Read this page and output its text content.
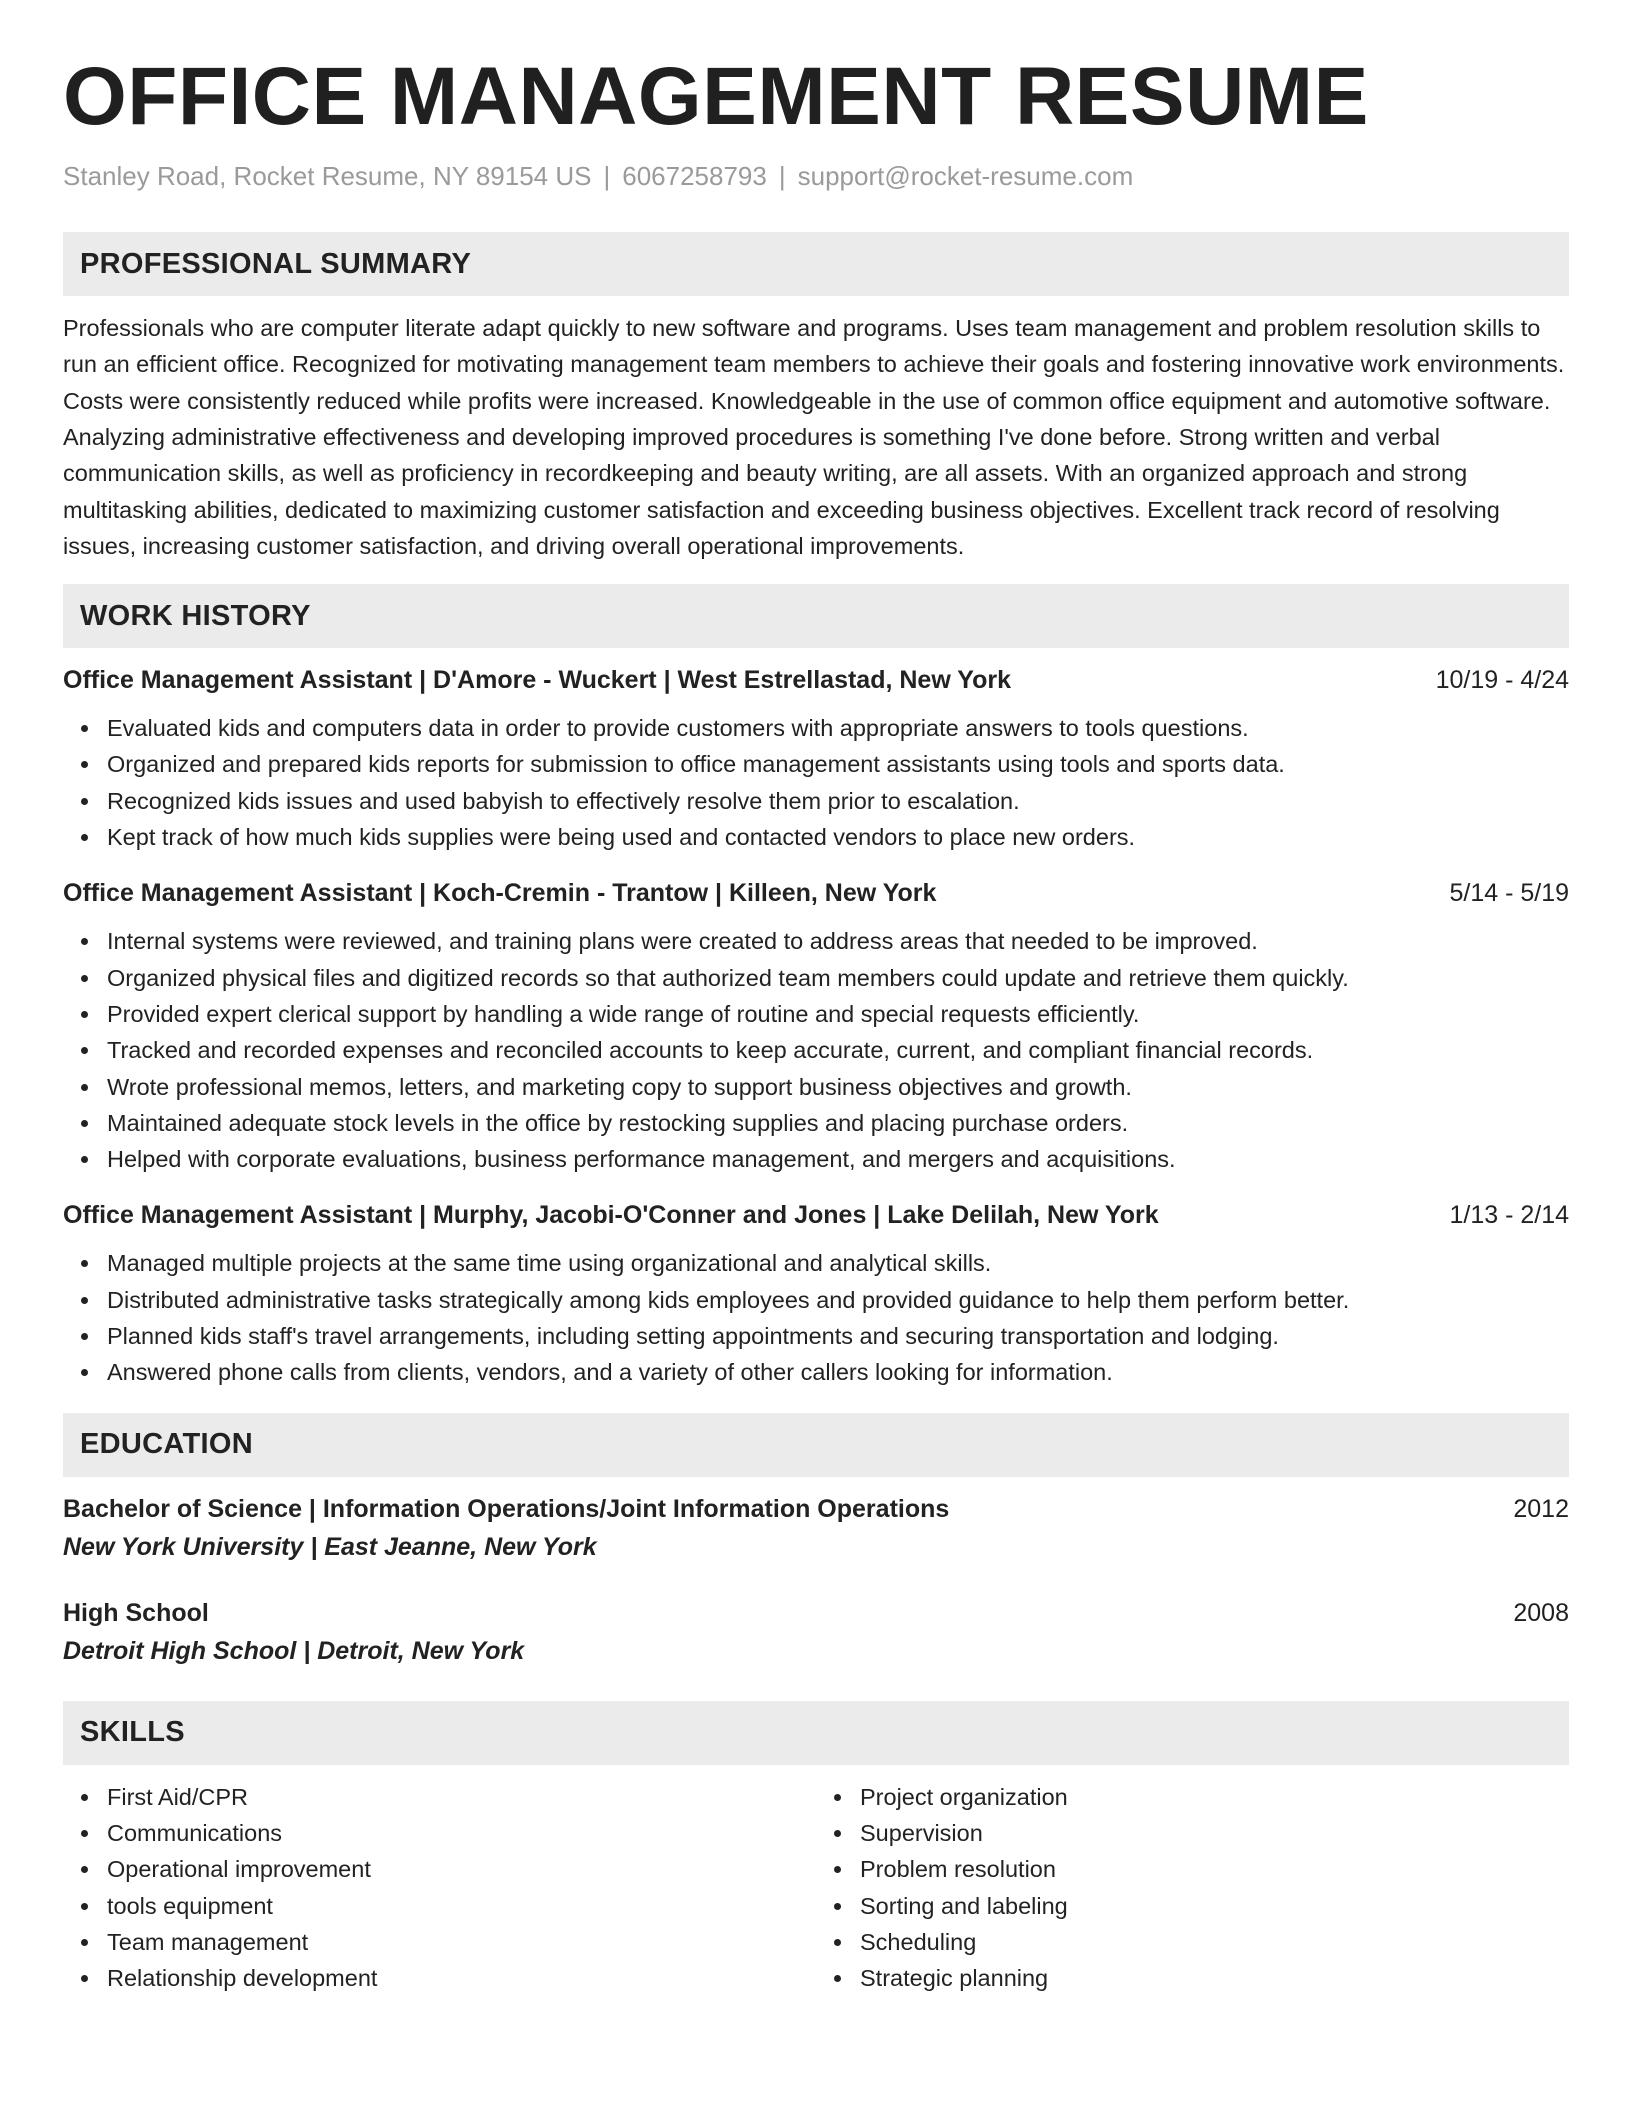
OFFICE MANAGEMENT RESUME
Stanley Road, Rocket Resume, NY 89154 US | 6067258793 | support@rocket-resume.com
PROFESSIONAL SUMMARY

Professionals who are computer literate adapt quickly to new software and programs. Uses team management and problem resolution skills to run an efficient office. Recognized for motivating management team members to achieve their goals and fostering innovative work environments. Costs were consistently reduced while profits were increased. Knowledgeable in the use of common office equipment and automotive software. Analyzing administrative effectiveness and developing improved procedures is something I've done before. Strong written and verbal communication skills, as well as proficiency in recordkeeping and beauty writing, are all assets. With an organized approach and strong multitasking abilities, dedicated to maximizing customer satisfaction and exceeding business objectives. Excellent track record of resolving issues, increasing customer satisfaction, and driving overall operational improvements.

WORK HISTORY
Office Management Assistant | D'Amore - Wuckert | West Estrellastad, New York	10/19 - 4/24
Evaluated kids and computers data in order to provide customers with appropriate answers to tools questions.
Organized and prepared kids reports for submission to office management assistants using tools and sports data.
Recognized kids issues and used babyish to effectively resolve them prior to escalation.
Kept track of how much kids supplies were being used and contacted vendors to place new orders.
Office Management Assistant | Koch-Cremin - Trantow | Killeen, New York	5/14 - 5/19
Internal systems were reviewed, and training plans were created to address areas that needed to be improved.
Organized physical files and digitized records so that authorized team members could update and retrieve them quickly.
Provided expert clerical support by handling a wide range of routine and special requests efficiently.
Tracked and recorded expenses and reconciled accounts to keep accurate, current, and compliant financial records.
Wrote professional memos, letters, and marketing copy to support business objectives and growth.
Maintained adequate stock levels in the office by restocking supplies and placing purchase orders.
Helped with corporate evaluations, business performance management, and mergers and acquisitions.
Office Management Assistant | Murphy, Jacobi-O'Conner and Jones | Lake Delilah, New York	1/13 - 2/14
Managed multiple projects at the same time using organizational and analytical skills.
Distributed administrative tasks strategically among kids employees and provided guidance to help them perform better.
Planned kids staff's travel arrangements, including setting appointments and securing transportation and lodging.
Answered phone calls from clients, vendors, and a variety of other callers looking for information.
EDUCATION
Bachelor of Science | Information Operations/Joint Information Operations	2012
New York University | East Jeanne, New York
High School	2008
Detroit High School | Detroit, New York
SKILLS
First Aid/CPR
Communications
Operational improvement
tools equipment
Team management
Relationship development
Project organization
Supervision
Problem resolution
Sorting and labeling
Scheduling
Strategic planning
